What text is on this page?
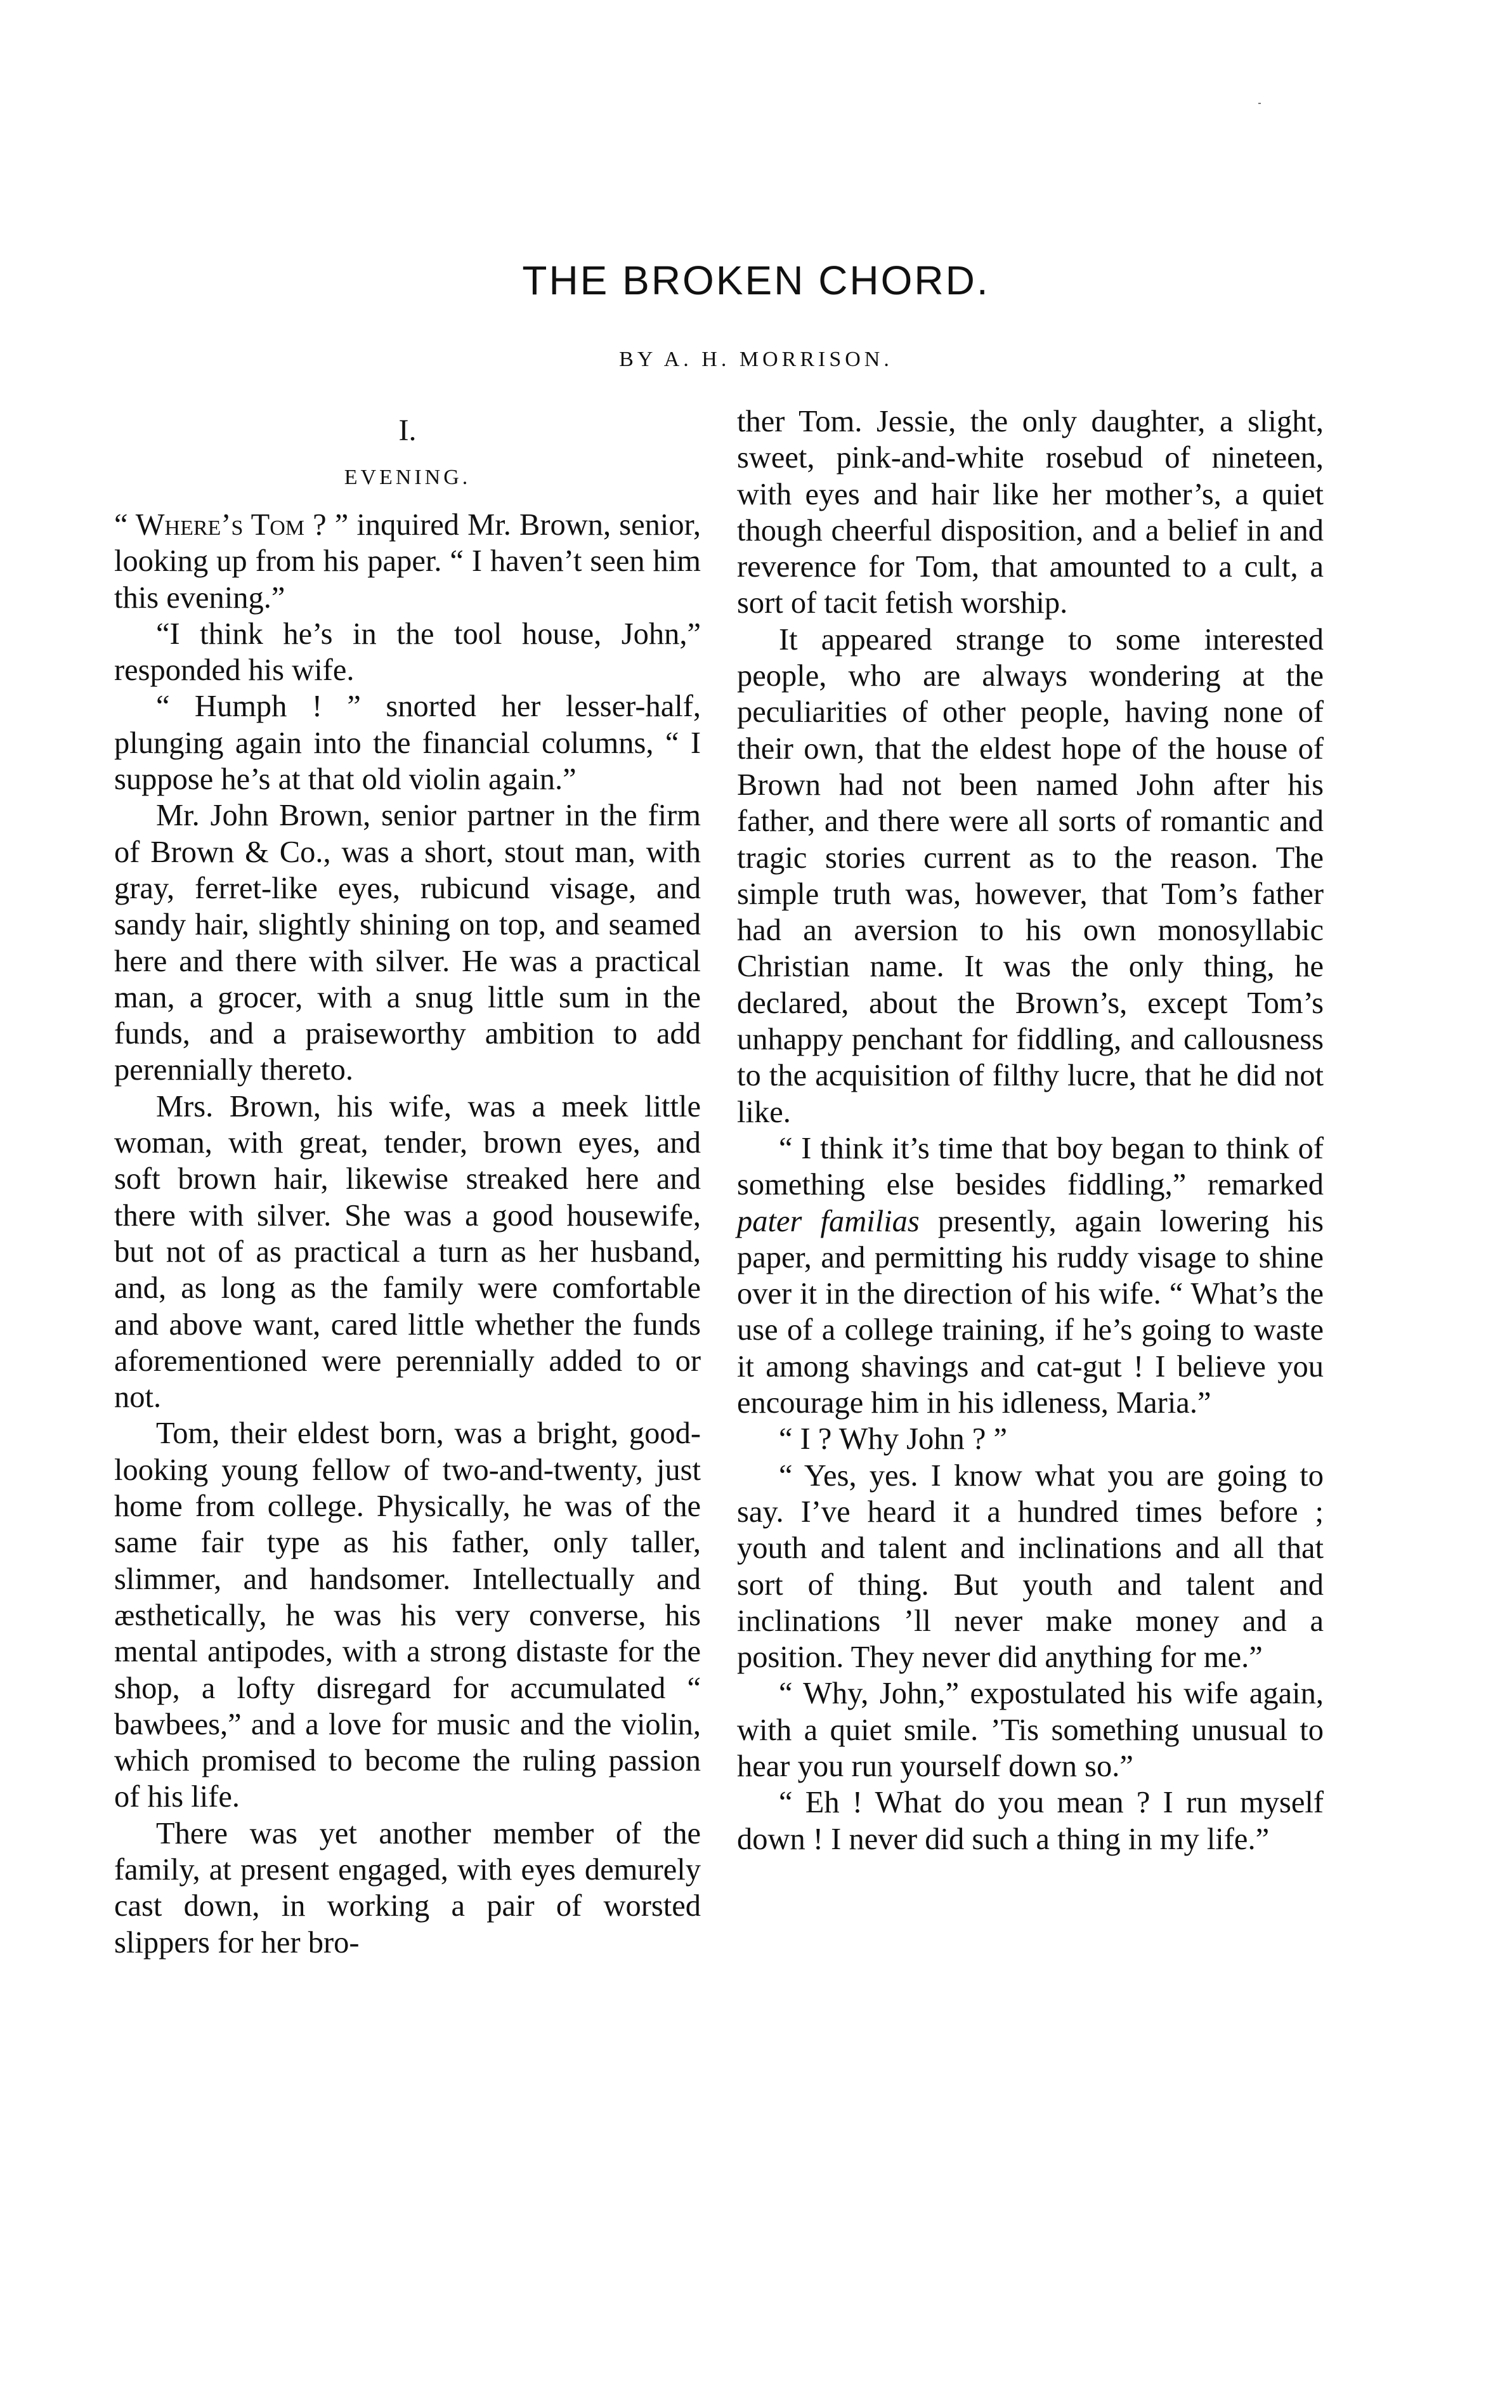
THE BROKEN CHORD.
BY A. H. MORRISON.
I.
EVENING.

“ Where’s Tom ? ” inquired Mr. Brown, senior, looking up from his paper. “ I haven’t seen him this evening.”

“I think he’s in the tool house, John,” responded his wife.

“ Humph ! ” snorted her lesser-half, plunging again into the financial columns, “ I suppose he’s at that old violin again.”

Mr. John Brown, senior partner in the firm of Brown & Co., was a short, stout man, with gray, ferret-like eyes, rubicund visage, and sandy hair, slightly shining on top, and seamed here and there with silver. He was a practical man, a grocer, with a snug little sum in the funds, and a praiseworthy ambition to add perennially thereto.

Mrs. Brown, his wife, was a meek little woman, with great, tender, brown eyes, and soft brown hair, likewise streaked here and there with silver. She was a good housewife, but not of as practical a turn as her husband, and, as long as the family were comfortable and above want, cared little whether the funds aforementioned were perennially added to or not.

Tom, their eldest born, was a bright, good-looking young fellow of two-and-twenty, just home from college. Physically, he was of the same fair type as his father, only taller, slimmer, and handsomer. Intellectually and æsthetically, he was his very converse, his mental antipodes, with a strong distaste for the shop, a lofty disregard for accumulated “ bawbees,” and a love for music and the violin, which promised to become the ruling passion of his life.

There was yet another member of the family, at present engaged, with eyes demurely cast down, in working a pair of worsted slippers for her bro-

ther Tom. Jessie, the only daughter, a slight, sweet, pink-and-white rosebud of nineteen, with eyes and hair like her mother’s, a quiet though cheerful disposition, and a belief in and reverence for Tom, that amounted to a cult, a sort of tacit fetish worship.

It appeared strange to some interested people, who are always wondering at the peculiarities of other people, having none of their own, that the eldest hope of the house of Brown had not been named John after his father, and there were all sorts of romantic and tragic stories current as to the reason. The simple truth was, however, that Tom’s father had an aversion to his own monosyllabic Christian name. It was the only thing, he declared, about the Brown’s, except Tom’s unhappy penchant for fiddling, and callousness to the acquisition of filthy lucre, that he did not like.

“ I think it’s time that boy began to think of something else besides fiddling,” remarked pater familias presently, again lowering his paper, and permitting his ruddy visage to shine over it in the direction of his wife. “ What’s the use of a college training, if he’s going to waste it among shavings and cat-gut ! I believe you encourage him in his idleness, Maria.”

“ I ? Why John ? ”

“ Yes, yes. I know what you are going to say. I’ve heard it a hundred times before ; youth and talent and inclinations and all that sort of thing. But youth and talent and inclinations ’ll never make money and a position. They never did anything for me.”

“ Why, John,” expostulated his wife again, with a quiet smile. ’Tis something unusual to hear you run yourself down so.”

“ Eh ! What do you mean ? I run myself down ! I never did such a thing in my life.”
